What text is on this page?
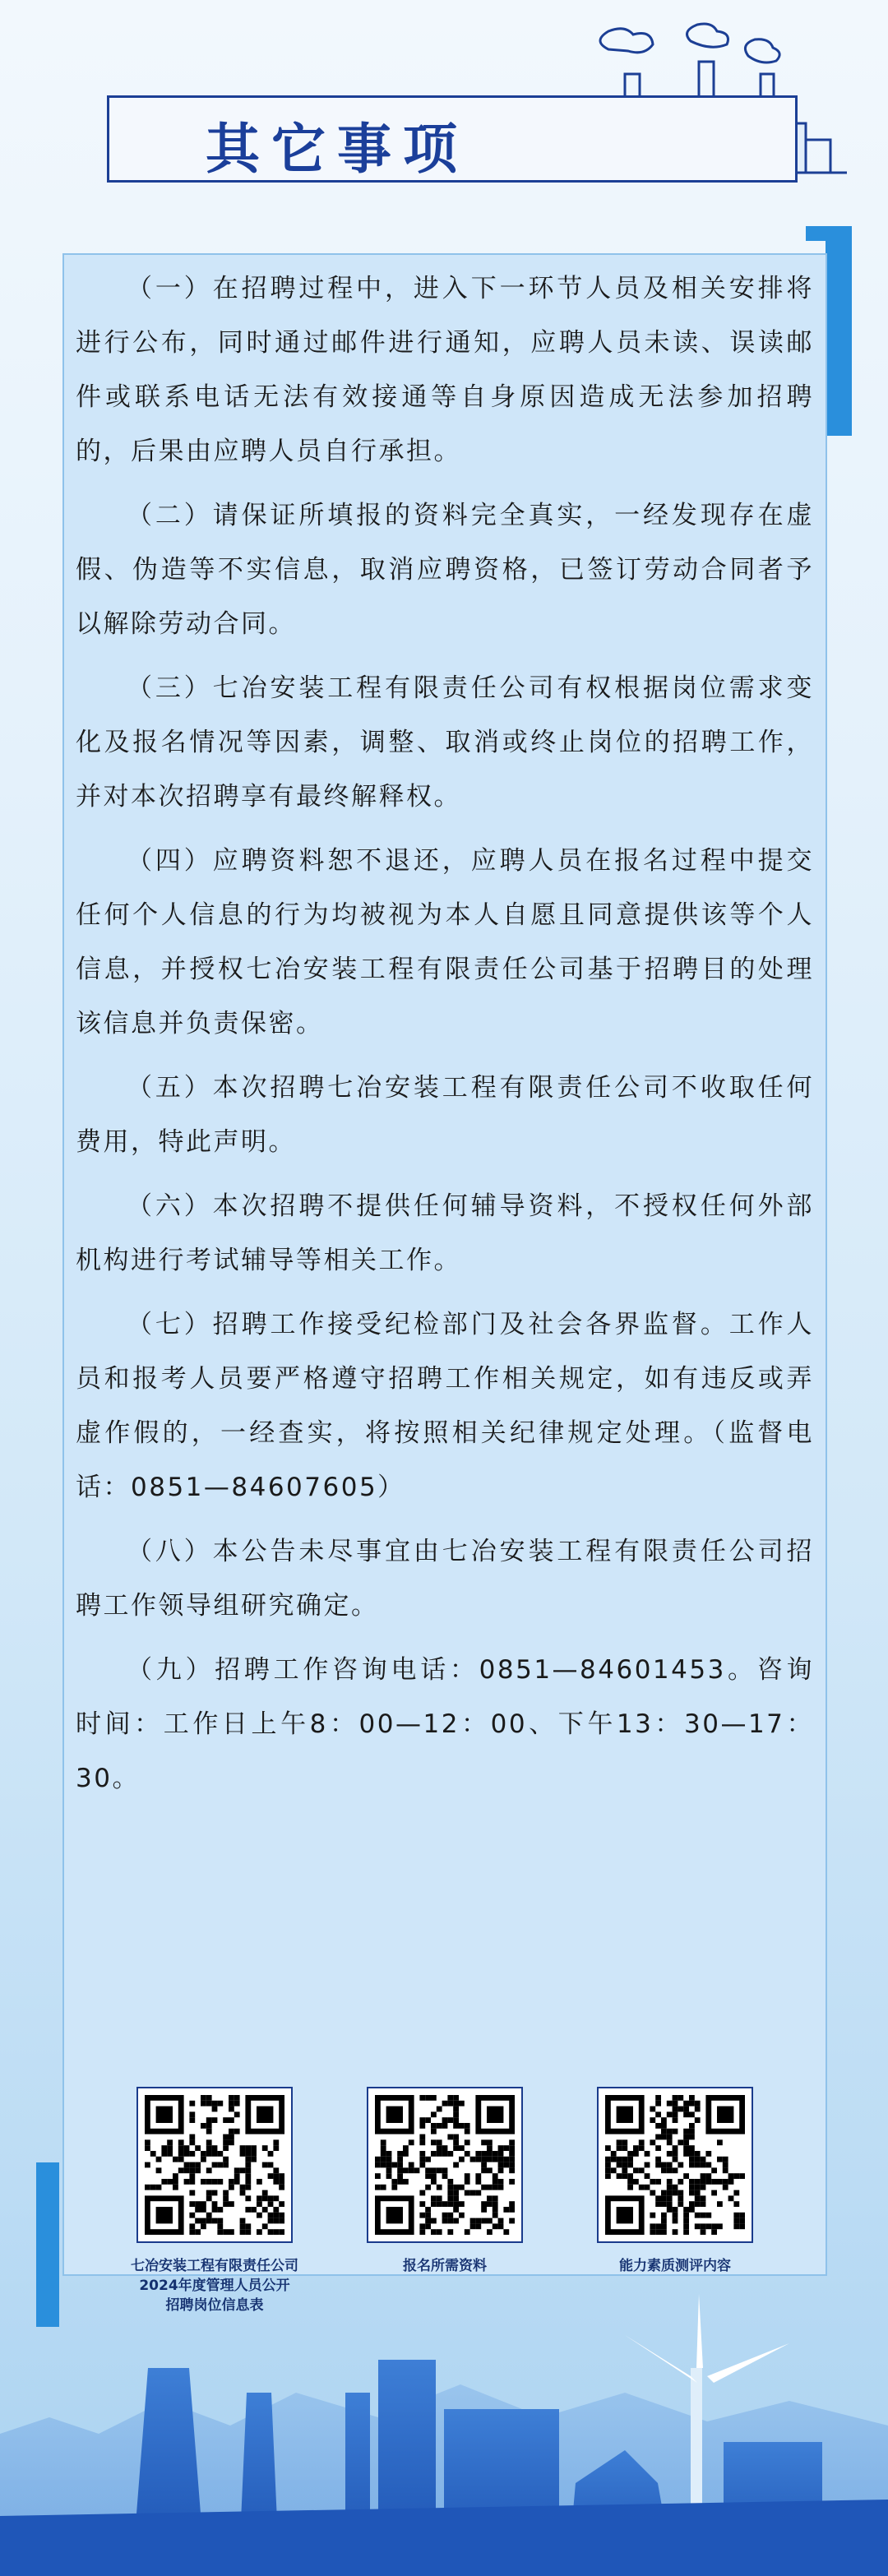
其它事项

（一）在招聘过程中，进入下一环节人员及相关安排将进行公布，同时通过邮件进行通知，应聘人员未读、误读邮件或联系电话无法有效接通等自身原因造成无法参加招聘的，后果由应聘人员自行承担。

（二）请保证所填报的资料完全真实，一经发现存在虚假、伪造等不实信息，取消应聘资格，已签订劳动合同者予以解除劳动合同。

（三）七冶安装工程有限责任公司有权根据岗位需求变化及报名情况等因素，调整、取消或终止岗位的招聘工作，并对本次招聘享有最终解释权。

（四）应聘资料恕不退还，应聘人员在报名过程中提交任何个人信息的行为均被视为本人自愿且同意提供该等个人信息，并授权七冶安装工程有限责任公司基于招聘目的处理该信息并负责保密。

（五）本次招聘七冶安装工程有限责任公司不收取任何费用，特此声明。

（六）本次招聘不提供任何辅导资料，不授权任何外部机构进行考试辅导等相关工作。

（七）招聘工作接受纪检部门及社会各界监督。工作人员和报考人员要严格遵守招聘工作相关规定，如有违反或弄虚作假的，一经查实，将按照相关纪律规定处理。（监督电话：0851—84607605）

（八）本公告未尽事宜由七冶安装工程有限责任公司招聘工作领导组研究确定。

（九）招聘工作咨询电话：0851—84601453。咨询时间：工作日上午8：00—12：00、下午13：30—17：30。

七冶安装工程有限责任公司
2024年度管理人员公开
招聘岗位信息表
报名所需资料	能力素质测评内容
